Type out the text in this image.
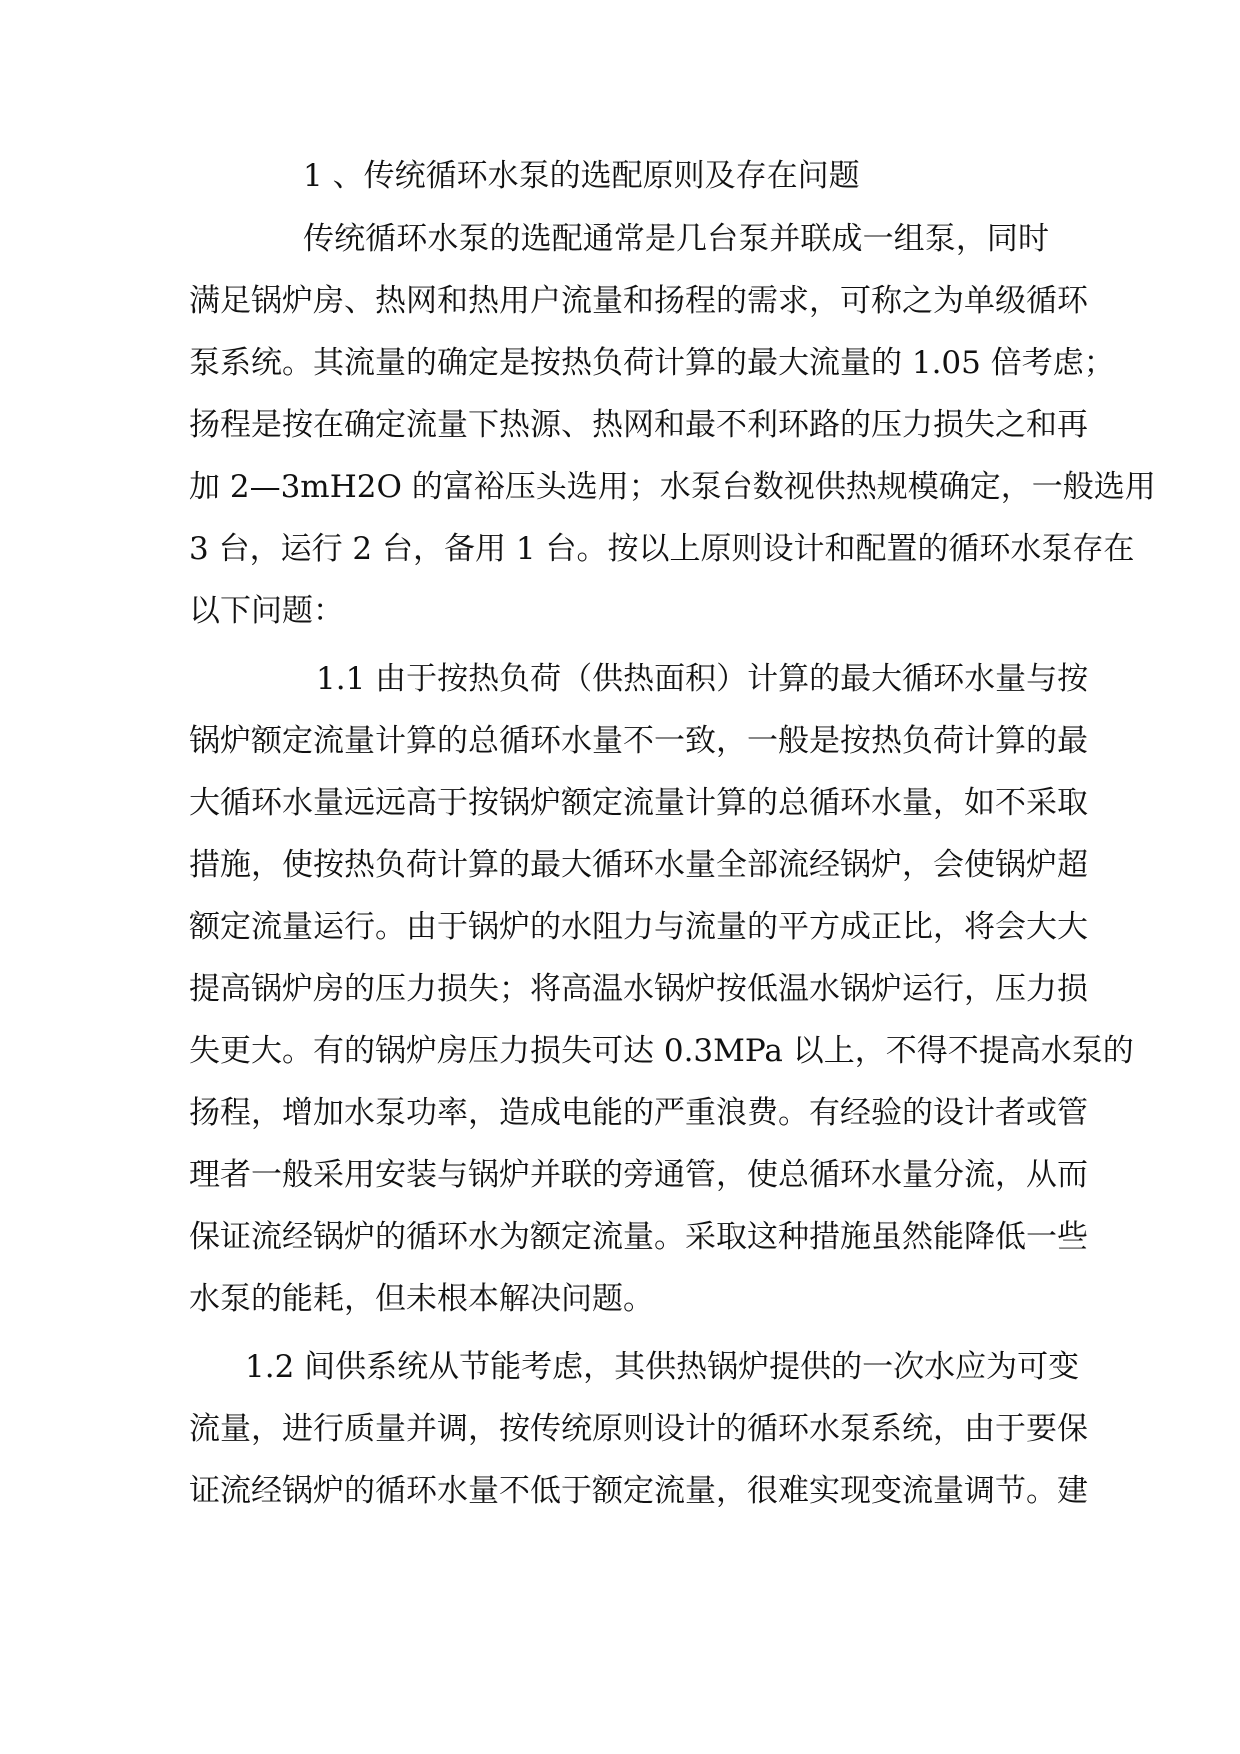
1 、传统循环水泵的选配原则及存在问题

传统循环水泵的选配通常是几台泵并联成一组泵，同时

满足锅炉房、热网和热用户流量和扬程的需求，可称之为单级循环

泵系统。其流量的确定是按热负荷计算的最大流量的 1.05 倍考虑；

扬程是按在确定流量下热源、热网和最不利环路的压力损失之和再

加 2—3mH2O 的富裕压头选用；水泵台数视供热规模确定，一般选用

3 台，运行 2 台，备用 1 台。按以上原则设计和配置的循环水泵存在

以下问题：

1.1 由于按热负荷（供热面积）计算的最大循环水量与按

锅炉额定流量计算的总循环水量不一致，一般是按热负荷计算的最

大循环水量远远高于按锅炉额定流量计算的总循环水量，如不采取

措施，使按热负荷计算的最大循环水量全部流经锅炉，会使锅炉超

额定流量运行。由于锅炉的水阻力与流量的平方成正比，将会大大

提高锅炉房的压力损失；将高温水锅炉按低温水锅炉运行，压力损

失更大。有的锅炉房压力损失可达 0.3MPa 以上，不得不提高水泵的

扬程，增加水泵功率，造成电能的严重浪费。有经验的设计者或管

理者一般采用安装与锅炉并联的旁通管，使总循环水量分流，从而

保证流经锅炉的循环水为额定流量。采取这种措施虽然能降低一些

水泵的能耗，但未根本解决问题。

1.2 间供系统从节能考虑，其供热锅炉提供的一次水应为可变

流量，进行质量并调，按传统原则设计的循环水泵系统，由于要保

证流经锅炉的循环水量不低于额定流量，很难实现变流量调节。建
